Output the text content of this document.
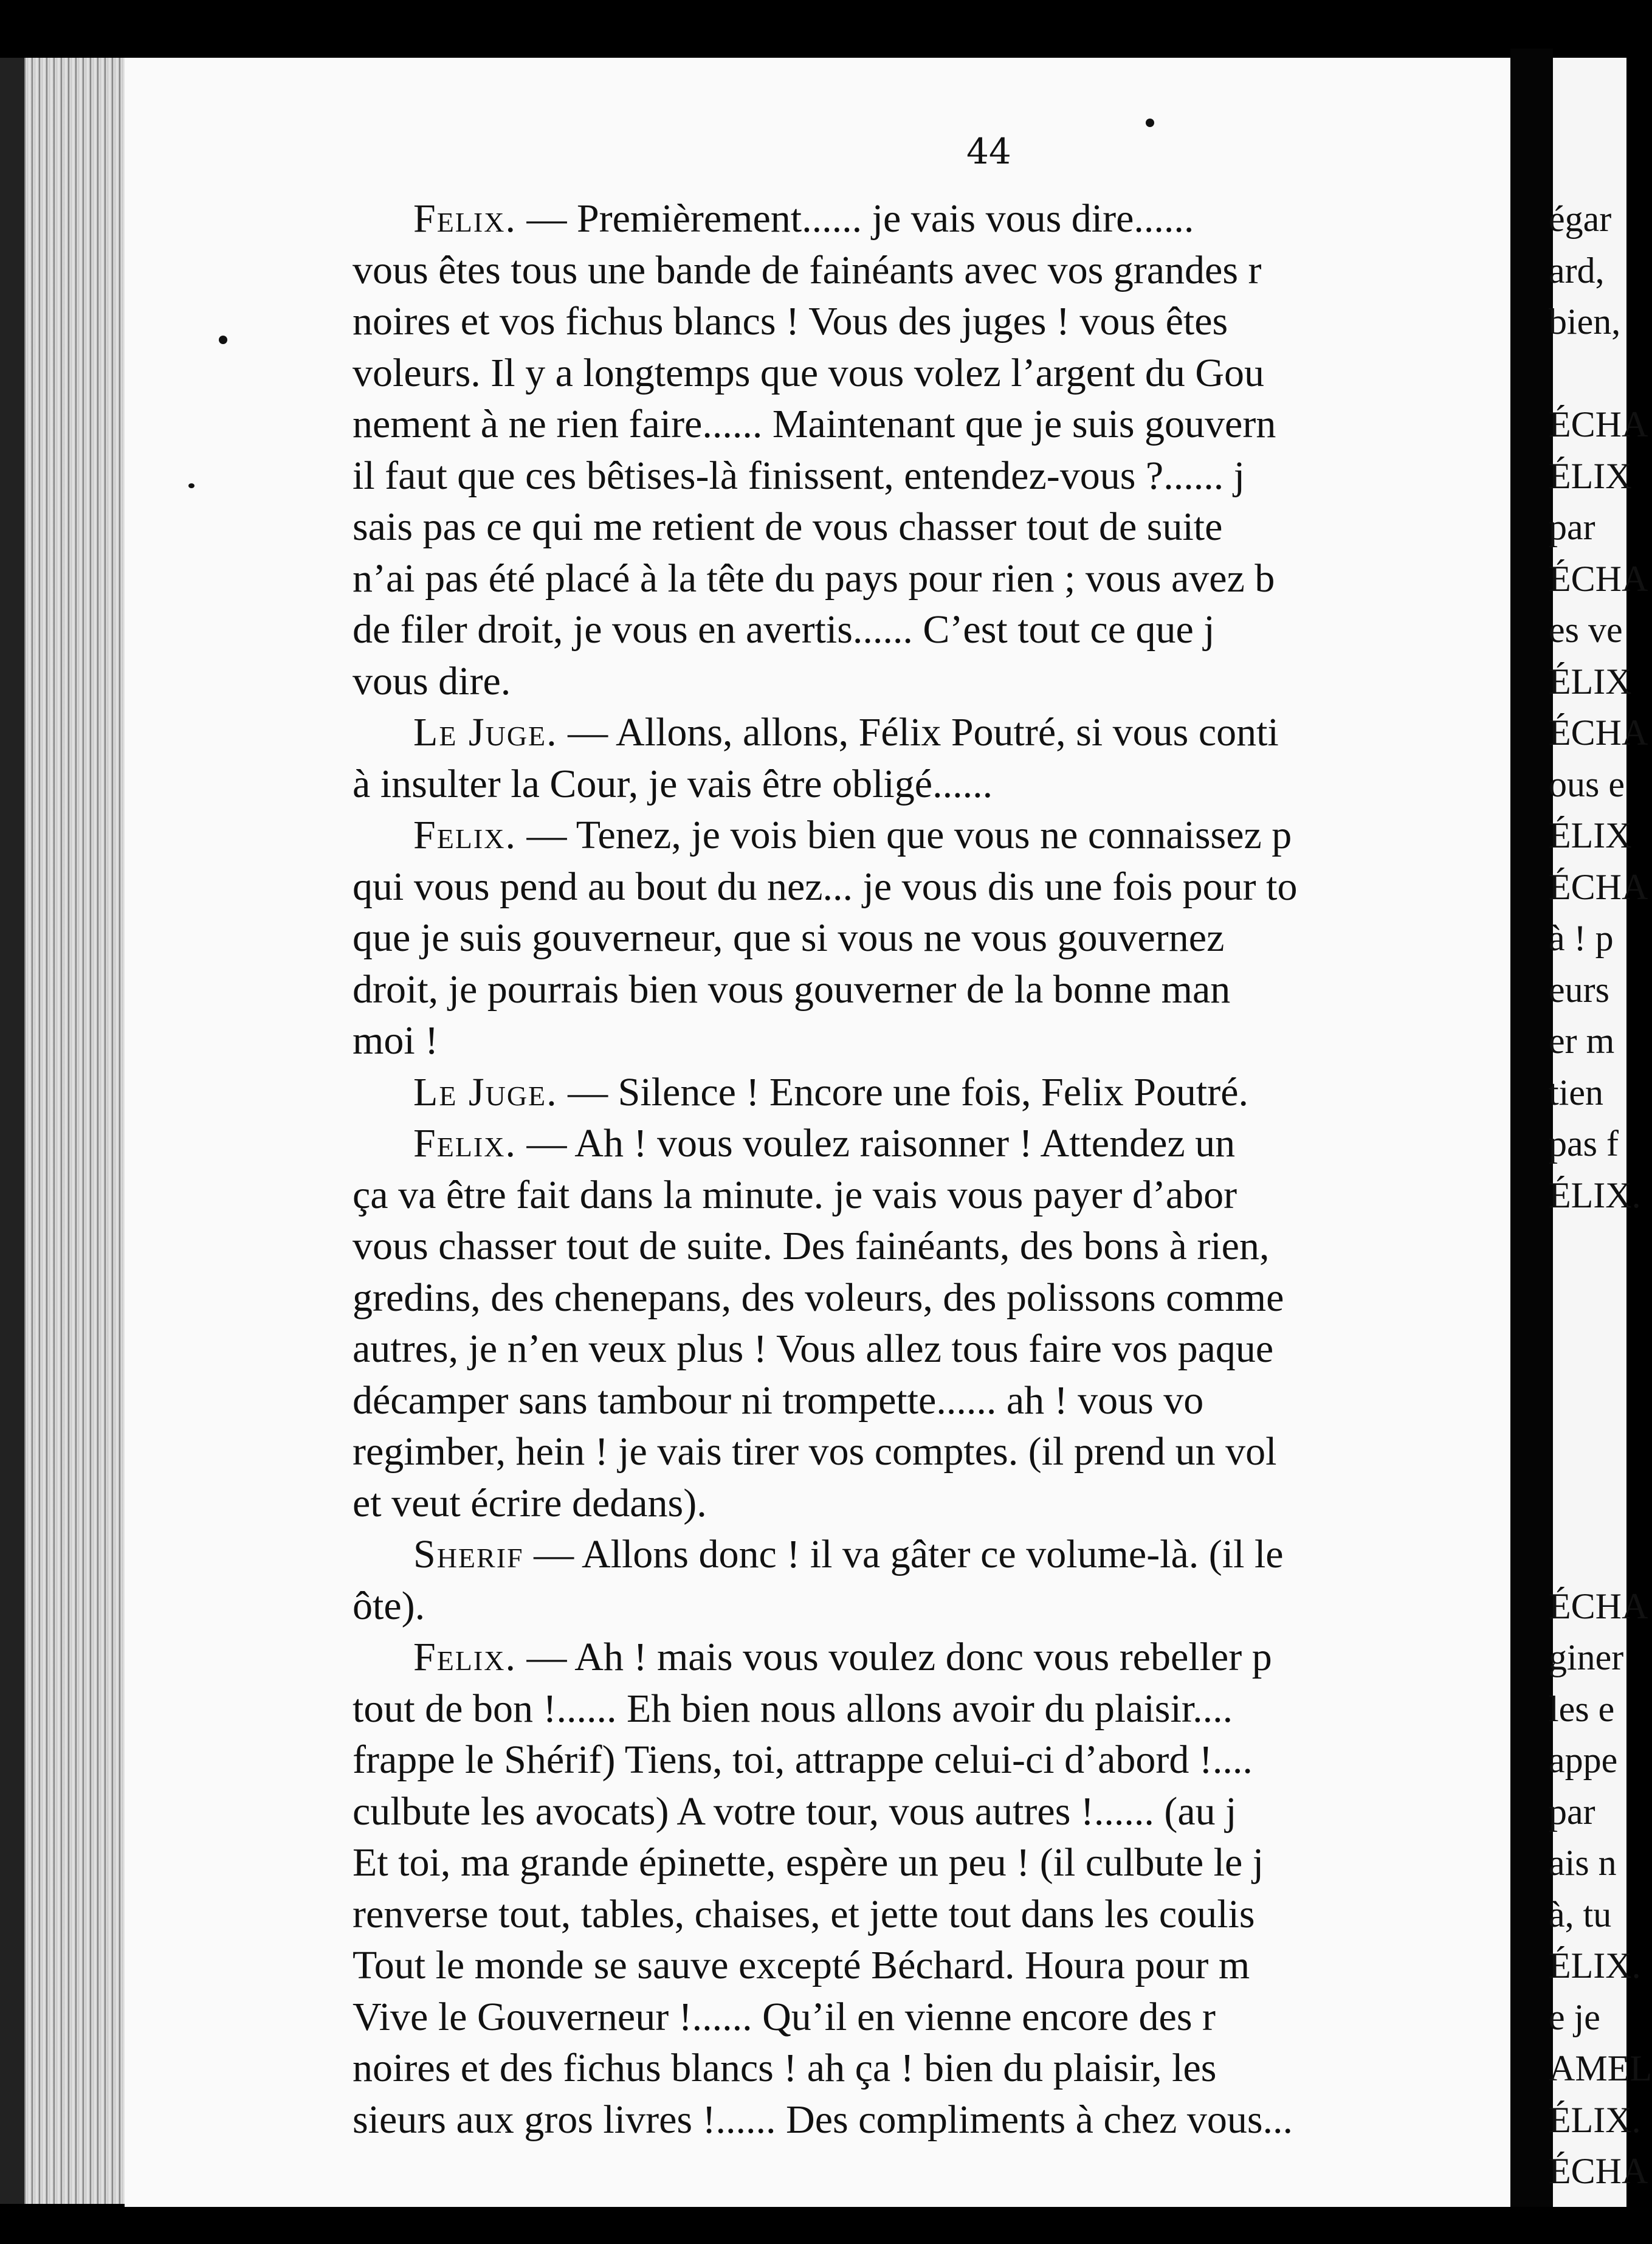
44
Felix. — Premièrement...... je vais vous dire......
vous êtes tous une bande de fainéants avec vos grandes r
noires et vos fichus blancs ! Vous des juges ! vous êtes
voleurs. Il y a longtemps que vous volez l’argent du Gou
nement à ne rien faire...... Maintenant que je suis gouvern
il faut que ces bêtises-là finissent, entendez-vous ?...... j
sais pas ce qui me retient de vous chasser tout de suite
n’ai pas été placé à la tête du pays pour rien ; vous avez b
de filer droit, je vous en avertis...... C’est tout ce que j
vous dire.
Le Juge. — Allons, allons, Félix Poutré, si vous conti
à insulter la Cour, je vais être obligé......
Felix. — Tenez, je vois bien que vous ne connaissez p
qui vous pend au bout du nez... je vous dis une fois pour to
que je suis gouverneur, que si vous ne vous gouvernez
droit, je pourrais bien vous gouverner de la bonne man
moi !
Le Juge. — Silence ! Encore une fois, Felix Poutré.
Felix. — Ah ! vous voulez raisonner ! Attendez un
ça va être fait dans la minute. je vais vous payer d’abor
vous chasser tout de suite. Des fainéants, des bons à rien,
gredins, des chenepans, des voleurs, des polissons comme
autres, je n’en veux plus ! Vous allez tous faire vos paque
décamper sans tambour ni trompette...... ah ! vous vo
regimber, hein ! je vais tirer vos comptes. (il prend un vol
et veut écrire dedans).
Sherif — Allons donc ! il va gâter ce volume-là. (il le
ôte).
Felix. — Ah ! mais vous voulez donc vous rebeller p
tout de bon !...... Eh bien nous allons avoir du plaisir....
frappe le Shérif) Tiens, toi, attrappe celui-ci d’abord !....
culbute les avocats) A votre tour, vous autres !...... (au j
Et toi, ma grande épinette, espère un peu ! (il culbute le j
renverse tout, tables, chaises, et jette tout dans les coulis
Tout le monde se sauve excepté Béchard. Houra pour m
Vive le Gouverneur !...... Qu’il en vienne encore des r
noires et des fichus blancs ! ah ça ! bien du plaisir, les
sieurs aux gros livres !...... Des compliments à chez vous...
égar
ard,
bien,
ÉCHA
ÉLIX
par
ÉCHA
es ve
ÉLIX
ÉCHA
ous e
ÉLIX
ÉCHA
à ! p
eurs
er m
tien
pas f
ÉLIX.
ÉCHA
giner
les e
appe
par
ais n
à, tu
ÉLIX.
e je
AMEL
ÉLIX.
ÉCHA
